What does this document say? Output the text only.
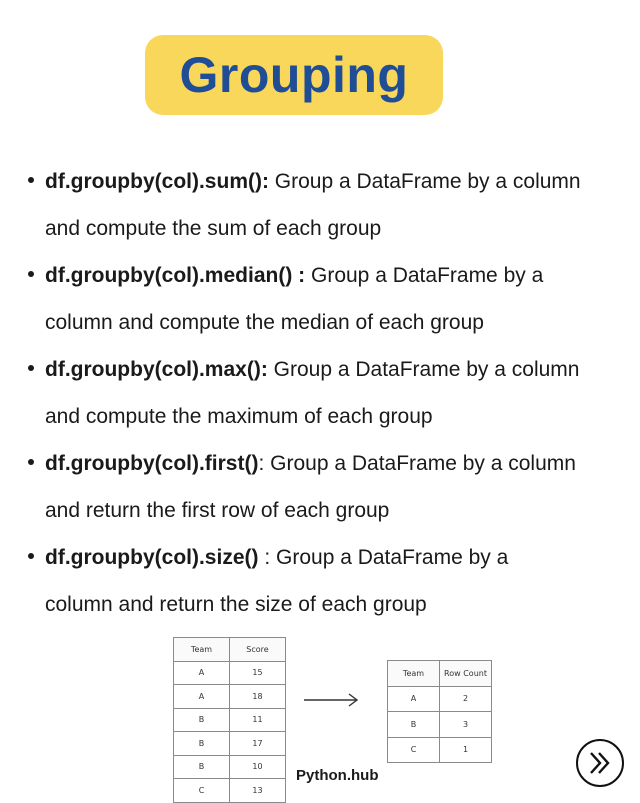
Grouping
df.groupby(col).sum(): Group a DataFrame by a column
and compute the sum of each group
df.groupby(col).median() : Group a DataFrame by a
column and compute the median of each group
df.groupby(col).max(): Group a DataFrame by a column
and compute the maximum of each group
df.groupby(col).first(): Group a DataFrame by a column
and return the first row of each group
df.groupby(col).size() : Group a DataFrame by a
column and return the size of each group
Team	Score
A	15
A	18
B	11
B	17
B	10
C	13
Team	Row Count
A	2
B	3
C	1
Python.hub
